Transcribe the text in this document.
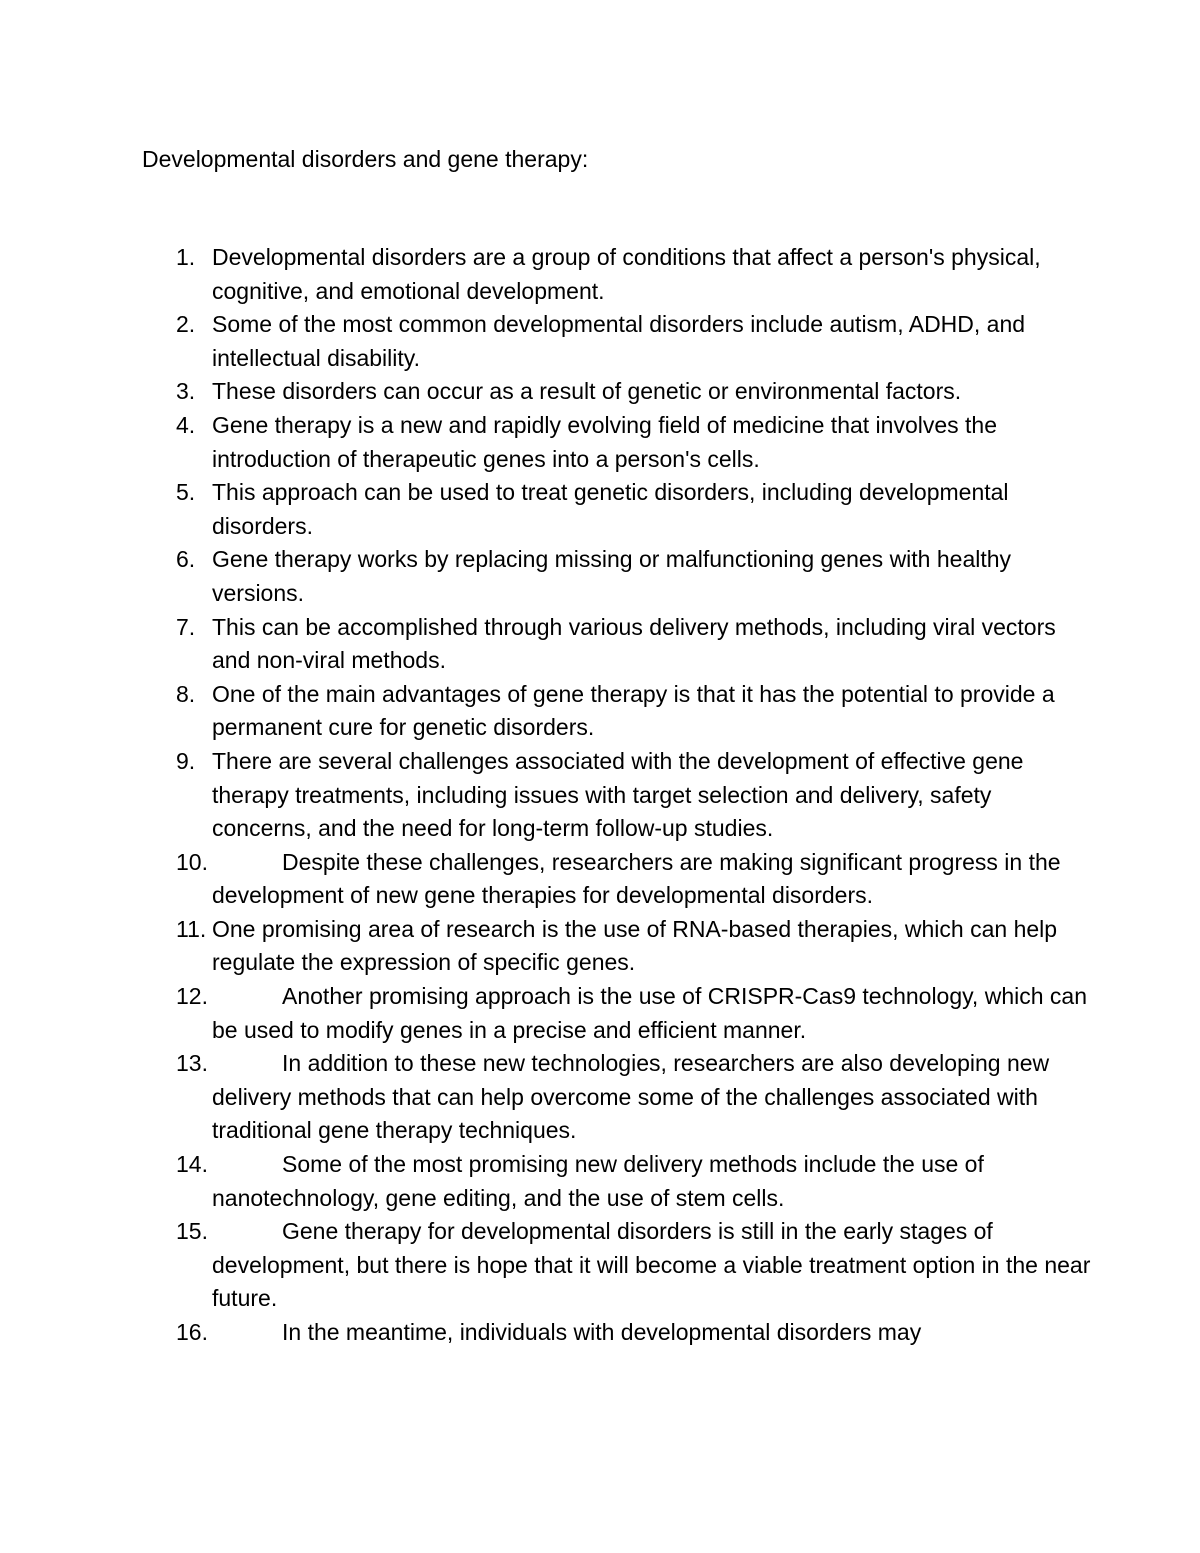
Developmental disorders and gene therapy:
1. Developmental disorders are a group of conditions that affect a person's physical, cognitive, and emotional development.
2. Some of the most common developmental disorders include autism, ADHD, and intellectual disability.
3. These disorders can occur as a result of genetic or environmental factors.
4. Gene therapy is a new and rapidly evolving field of medicine that involves the introduction of therapeutic genes into a person's cells.
5. This approach can be used to treat genetic disorders, including developmental disorders.
6. Gene therapy works by replacing missing or malfunctioning genes with healthy versions.
7. This can be accomplished through various delivery methods, including viral vectors and non-viral methods.
8. One of the main advantages of gene therapy is that it has the potential to provide a permanent cure for genetic disorders.
9. There are several challenges associated with the development of effective gene therapy treatments, including issues with target selection and delivery, safety concerns, and the need for long-term follow-up studies.
10.	Despite these challenges, researchers are making significant progress in the development of new gene therapies for developmental disorders.
11. One promising area of research is the use of RNA-based therapies, which can help regulate the expression of specific genes.
12.	Another promising approach is the use of CRISPR-Cas9 technology, which can be used to modify genes in a precise and efficient manner.
13.	In addition to these new technologies, researchers are also developing new delivery methods that can help overcome some of the challenges associated with traditional gene therapy techniques.
14.	Some of the most promising new delivery methods include the use of nanotechnology, gene editing, and the use of stem cells.
15.	Gene therapy for developmental disorders is still in the early stages of development, but there is hope that it will become a viable treatment option in the near future.
16.	In the meantime, individuals with developmental disorders may
